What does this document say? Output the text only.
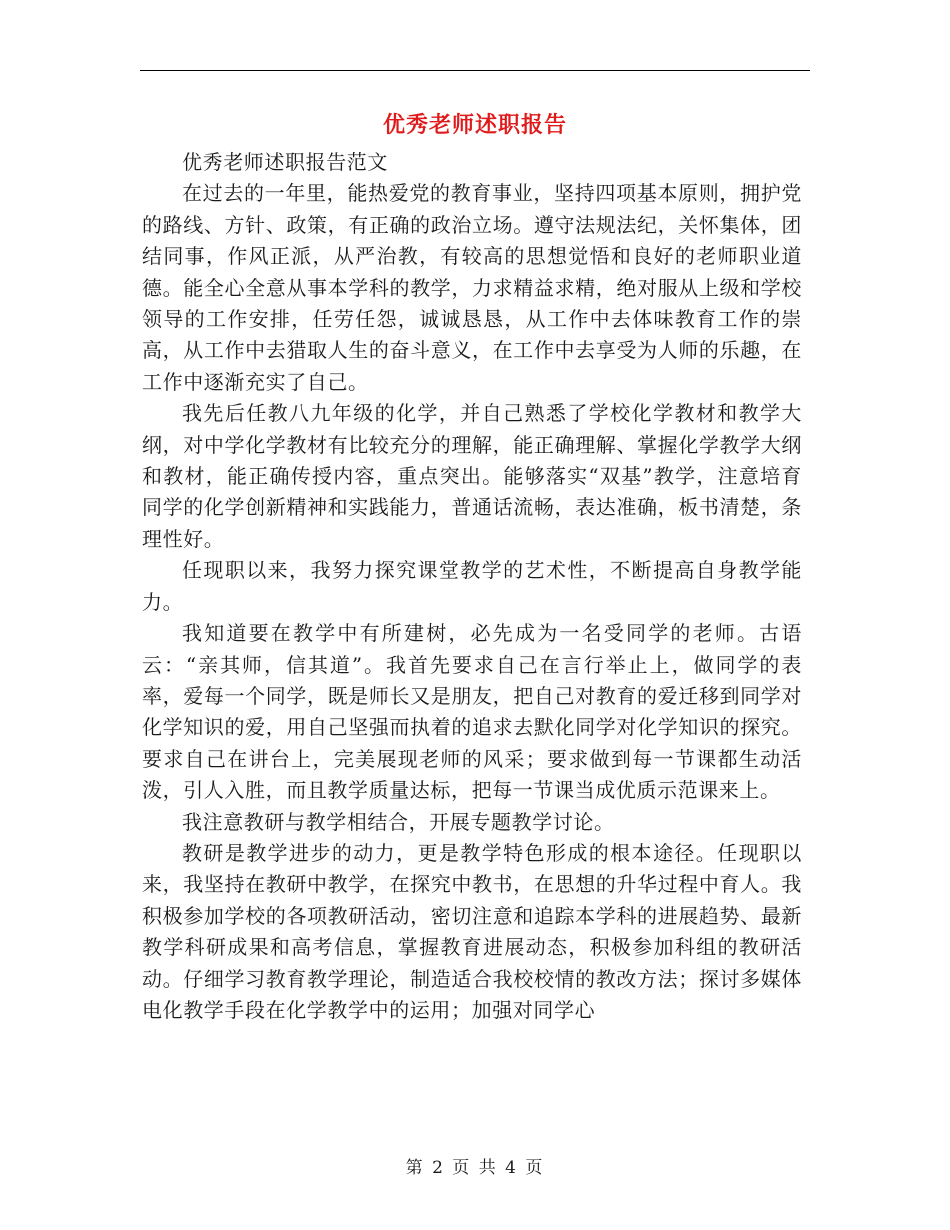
优秀老师述职报告

优秀老师述职报告范文

在过去的一年里，能热爱党的教育事业，坚持四项基本原则，拥护党的路线、方针、政策，有正确的政治立场。遵守法规法纪，关怀集体，团结同事，作风正派，从严治教，有较高的思想觉悟和良好的老师职业道德。能全心全意从事本学科的教学，力求精益求精，绝对服从上级和学校领导的工作安排，任劳任怨，诚诚恳恳，从工作中去体味教育工作的崇高，从工作中去猎取人生的奋斗意义，在工作中去享受为人师的乐趣，在工作中逐渐充实了自己。

我先后任教八九年级的化学，并自己熟悉了学校化学教材和教学大纲，对中学化学教材有比较充分的理解，能正确理解、掌握化学教学大纲和教材，能正确传授内容，重点突出。能够落实“双基”教学，注意培育同学的化学创新精神和实践能力，普通话流畅，表达准确，板书清楚，条理性好。

任现职以来，我努力探究课堂教学的艺术性，不断提高自身教学能力。

我知道要在教学中有所建树，必先成为一名受同学的老师。古语云：“亲其师，信其道”。我首先要求自己在言行举止上，做同学的表率，爱每一个同学，既是师长又是朋友，把自己对教育的爱迁移到同学对化学知识的爱，用自己坚强而执着的追求去默化同学对化学知识的探究。要求自己在讲台上，完美展现老师的风采；要求做到每一节课都生动活泼，引人入胜，而且教学质量达标，把每一节课当成优质示范课来上。

我注意教研与教学相结合，开展专题教学讨论。

教研是教学进步的动力，更是教学特色形成的根本途径。任现职以来，我坚持在教研中教学，在探究中教书，在思想的升华过程中育人。我积极参加学校的各项教研活动，密切注意和追踪本学科的进展趋势、最新教学科研成果和高考信息，掌握教育进展动态，积极参加科组的教研活动。仔细学习教育教学理论，制造适合我校校情的教改方法；探讨多媒体电化教学手段在化学教学中的运用；加强对同学心

第 2 页 共 4 页
